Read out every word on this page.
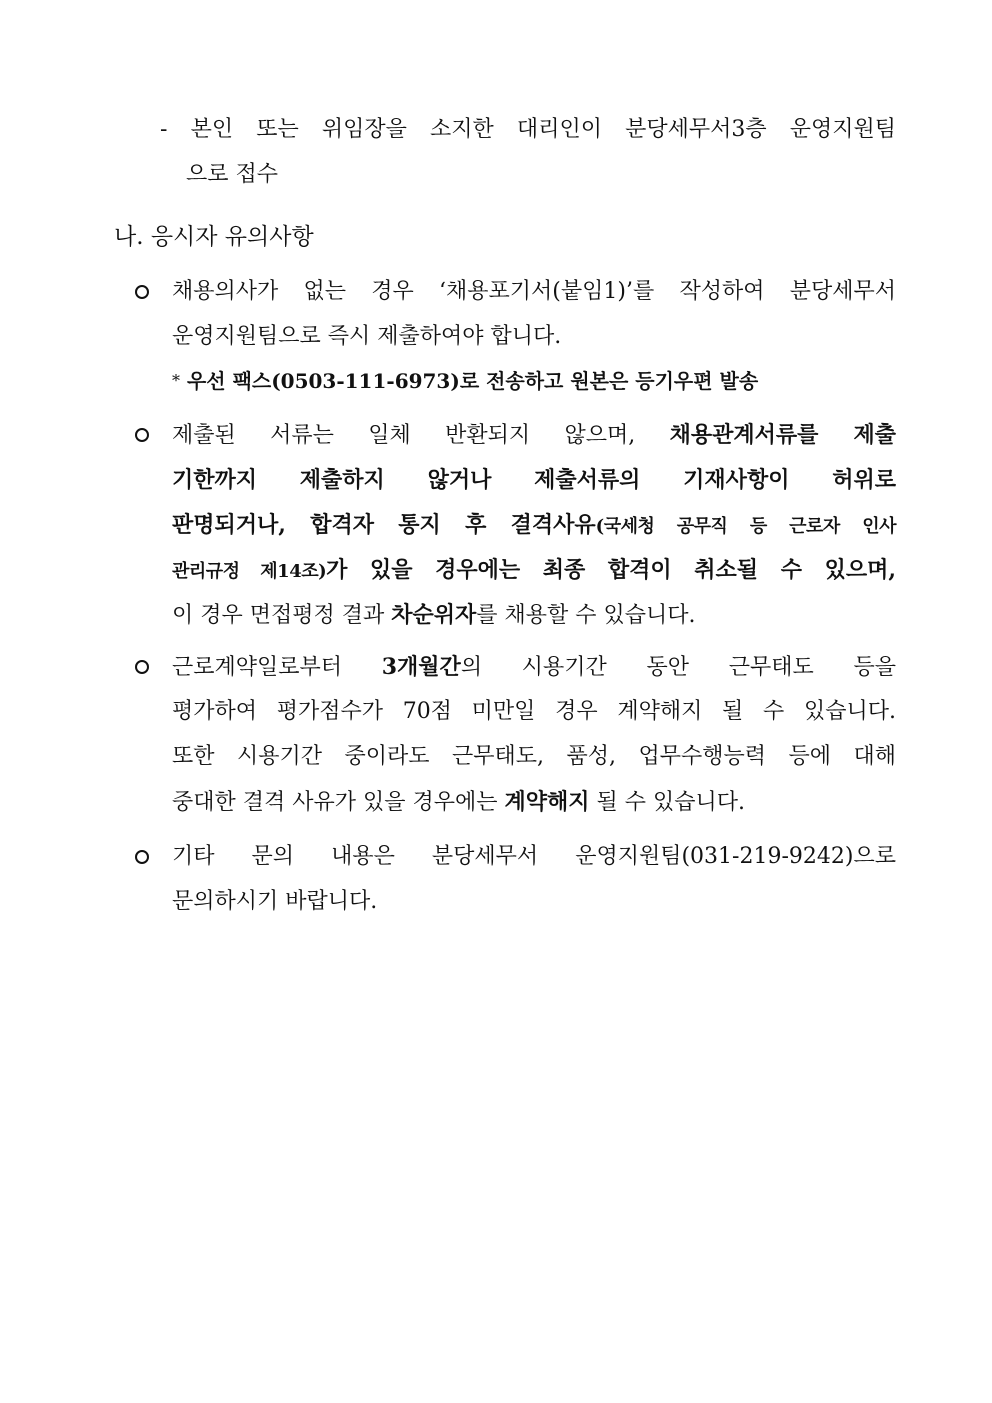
- 본인 또는 위임장을 소지한 대리인이 분당세무서3층 운영지원팀
으로 접수
나. 응시자 유의사항
채용의사가 없는 경우 ‘채용포기서(붙임1)’를 작성하여 분당세무서
운영지원팀으로 즉시 제출하여야 합니다.
* 우선 팩스(0503-111-6973)로 전송하고 원본은 등기우편 발송
제출된 서류는 일체 반환되지 않으며, 채용관계서류를 제출
기한까지 제출하지 않거나 제출서류의 기재사항이 허위로
판명되거나, 합격자 통지 후 결격사유(국세청 공무직 등 근로자 인사
관리규정 제14조)가 있을 경우에는 최종 합격이 취소될 수 있으며,
이 경우 면접평정 결과 차순위자를 채용할 수 있습니다.
근로계약일로부터 3개월간의 시용기간 동안 근무태도 등을
평가하여 평가점수가 70점 미만일 경우 계약해지 될 수 있습니다.
또한 시용기간 중이라도 근무태도, 품성, 업무수행능력 등에 대해
중대한 결격 사유가 있을 경우에는 계약해지 될 수 있습니다.
기타 문의 내용은 분당세무서 운영지원팀(031-219-9242)으로
문의하시기 바랍니다.
